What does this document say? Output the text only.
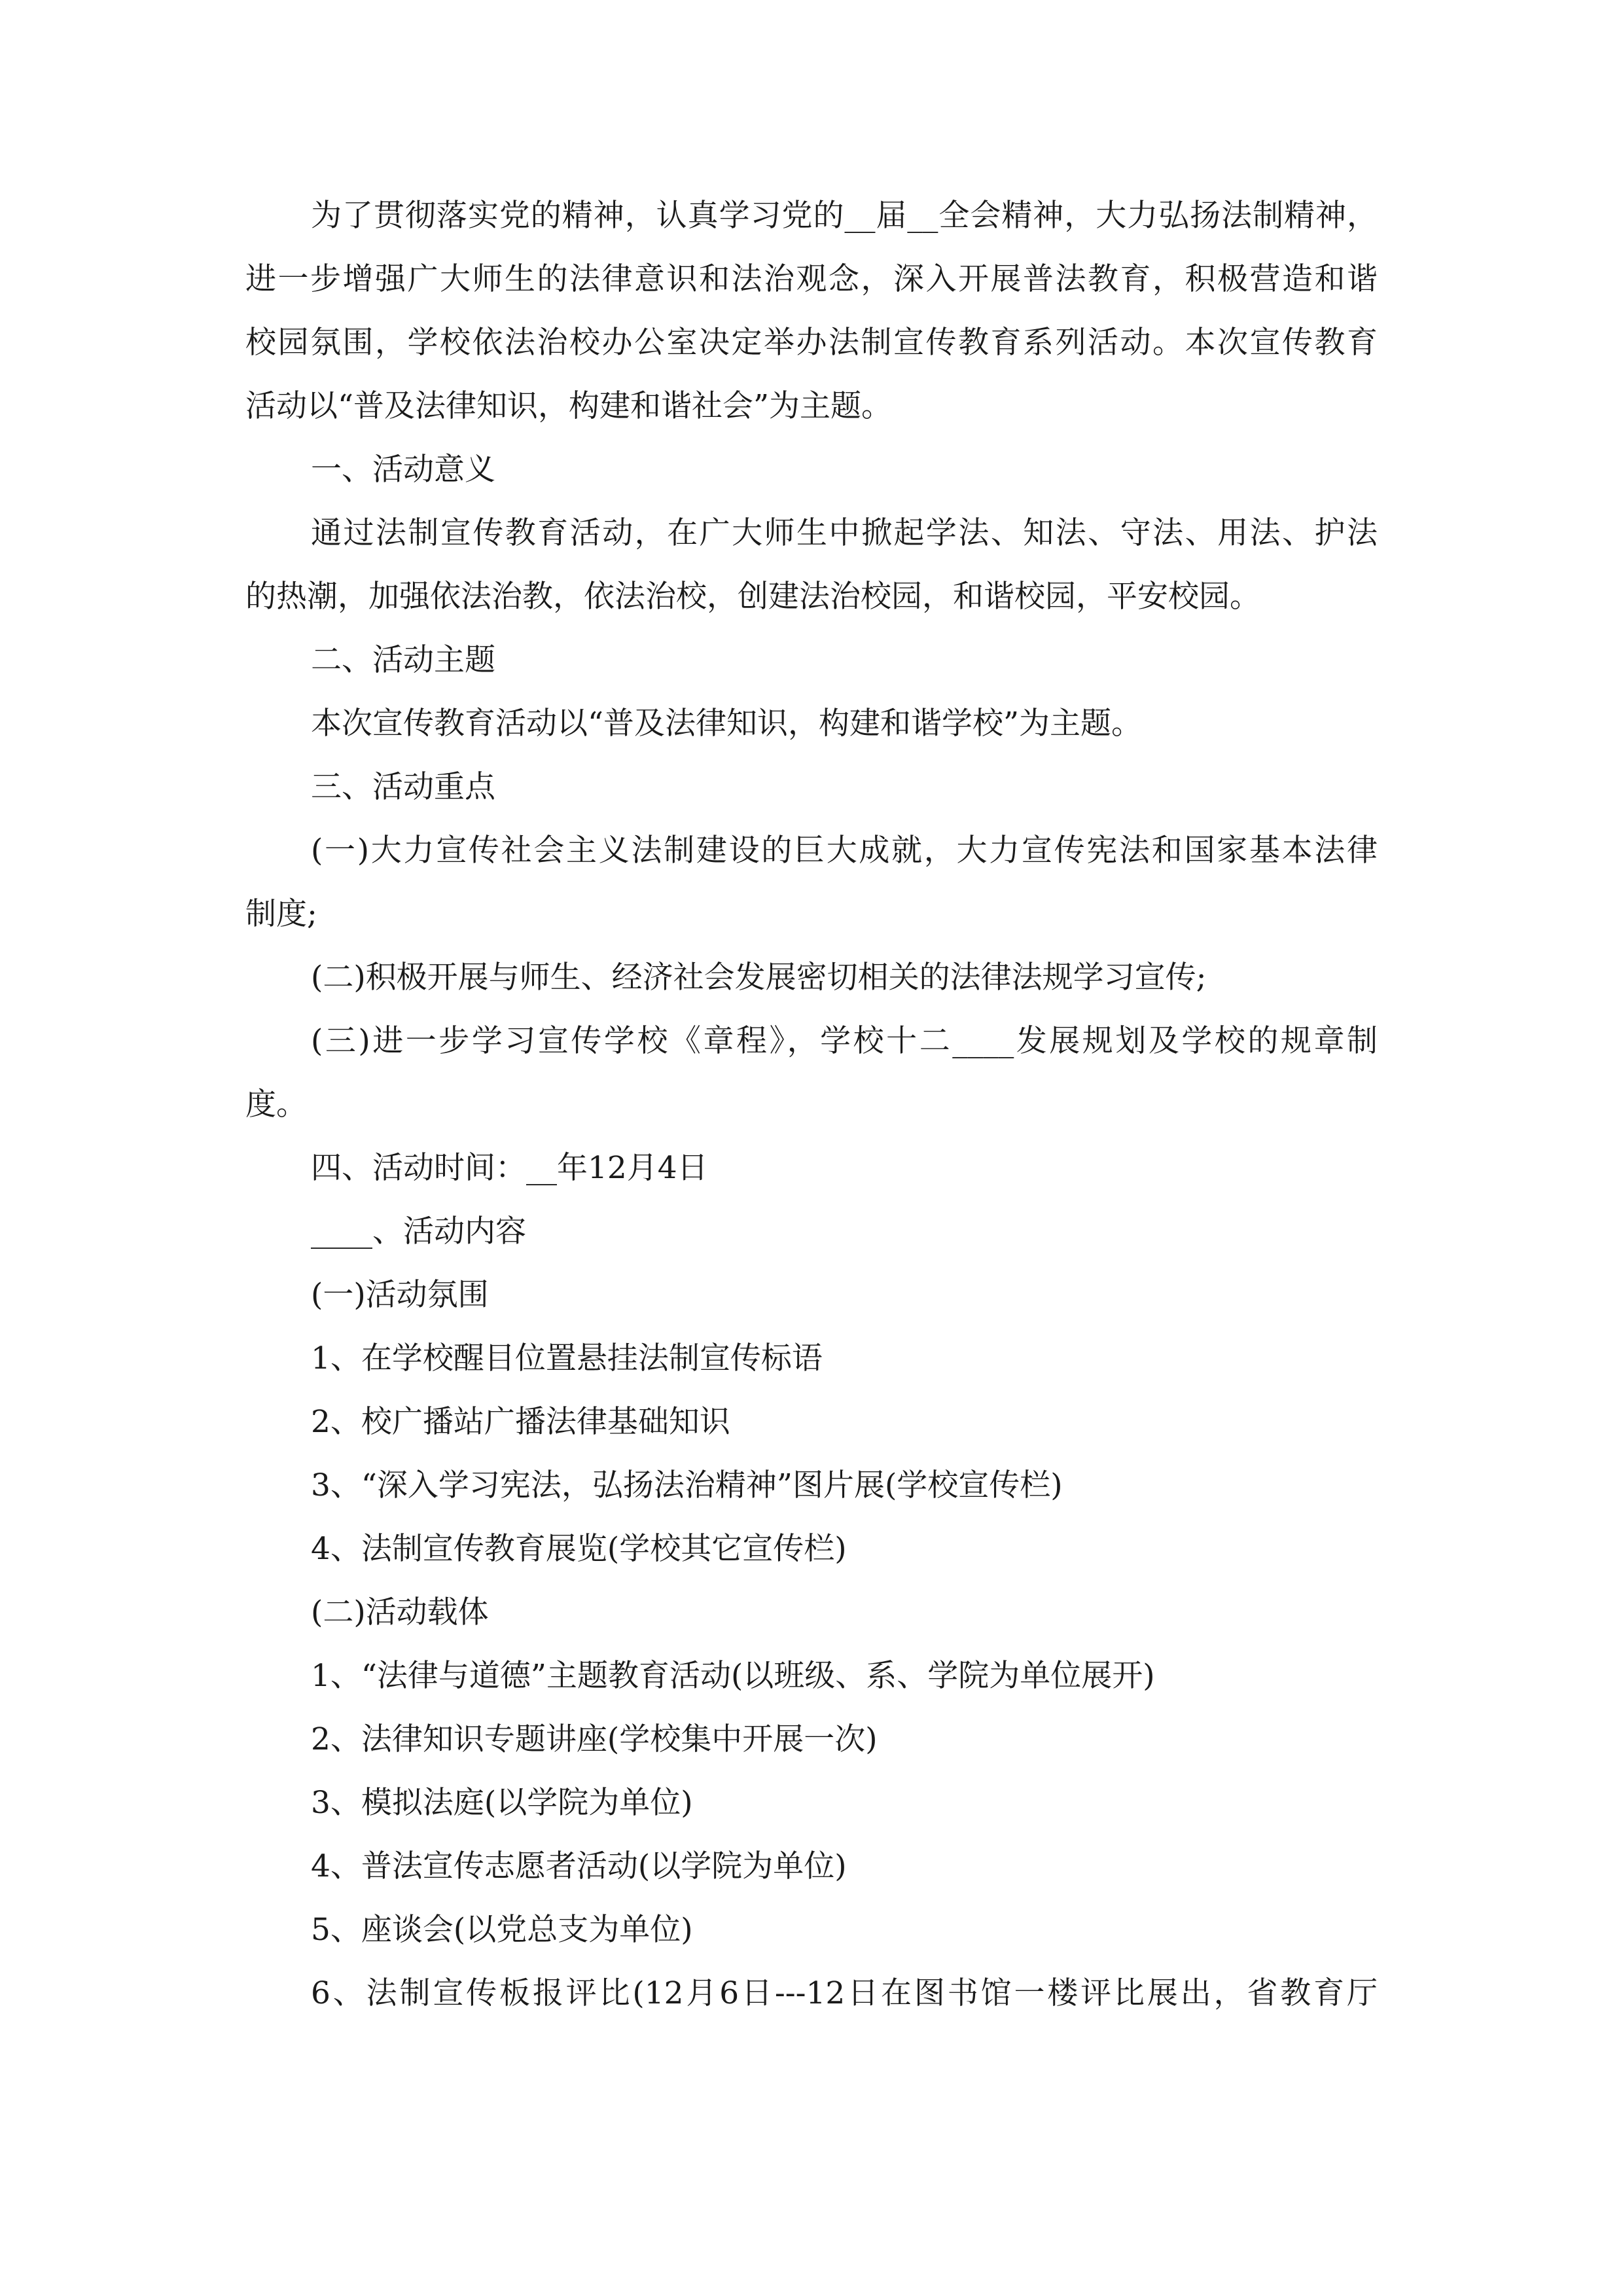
为了贯彻落实党的精神，认真学习党的__届__全会精神，大力弘扬法制精神，
进一步增强广大师生的法律意识和法治观念，深入开展普法教育，积极营造和谐
校园氛围，学校依法治校办公室决定举办法制宣传教育系列活动。本次宣传教育
活动以“普及法律知识，构建和谐社会”为主题。
一、活动意义
通过法制宣传教育活动，在广大师生中掀起学法、知法、守法、用法、护法
的热潮，加强依法治教，依法治校，创建法治校园，和谐校园，平安校园。
二、活动主题
本次宣传教育活动以“普及法律知识，构建和谐学校”为主题。
三、活动重点
(一)大力宣传社会主义法制建设的巨大成就，大力宣传宪法和国家基本法律
制度;
(二)积极开展与师生、经济社会发展密切相关的法律法规学习宣传;
(三)进一步学习宣传学校《章程》，学校十二____发展规划及学校的规章制
度。
四、活动时间：__年12月4日
____、活动内容
(一)活动氛围
1、在学校醒目位置悬挂法制宣传标语
2、校广播站广播法律基础知识
3、“深入学习宪法，弘扬法治精神”图片展(学校宣传栏)
4、法制宣传教育展览(学校其它宣传栏)
(二)活动载体
1、“法律与道德”主题教育活动(以班级、系、学院为单位展开)
2、法律知识专题讲座(学校集中开展一次)
3、模拟法庭(以学院为单位)
4、普法宣传志愿者活动(以学院为单位)
5、座谈会(以党总支为单位)
6、法制宣传板报评比(12月6日---12日在图书馆一楼评比展出，省教育厅
